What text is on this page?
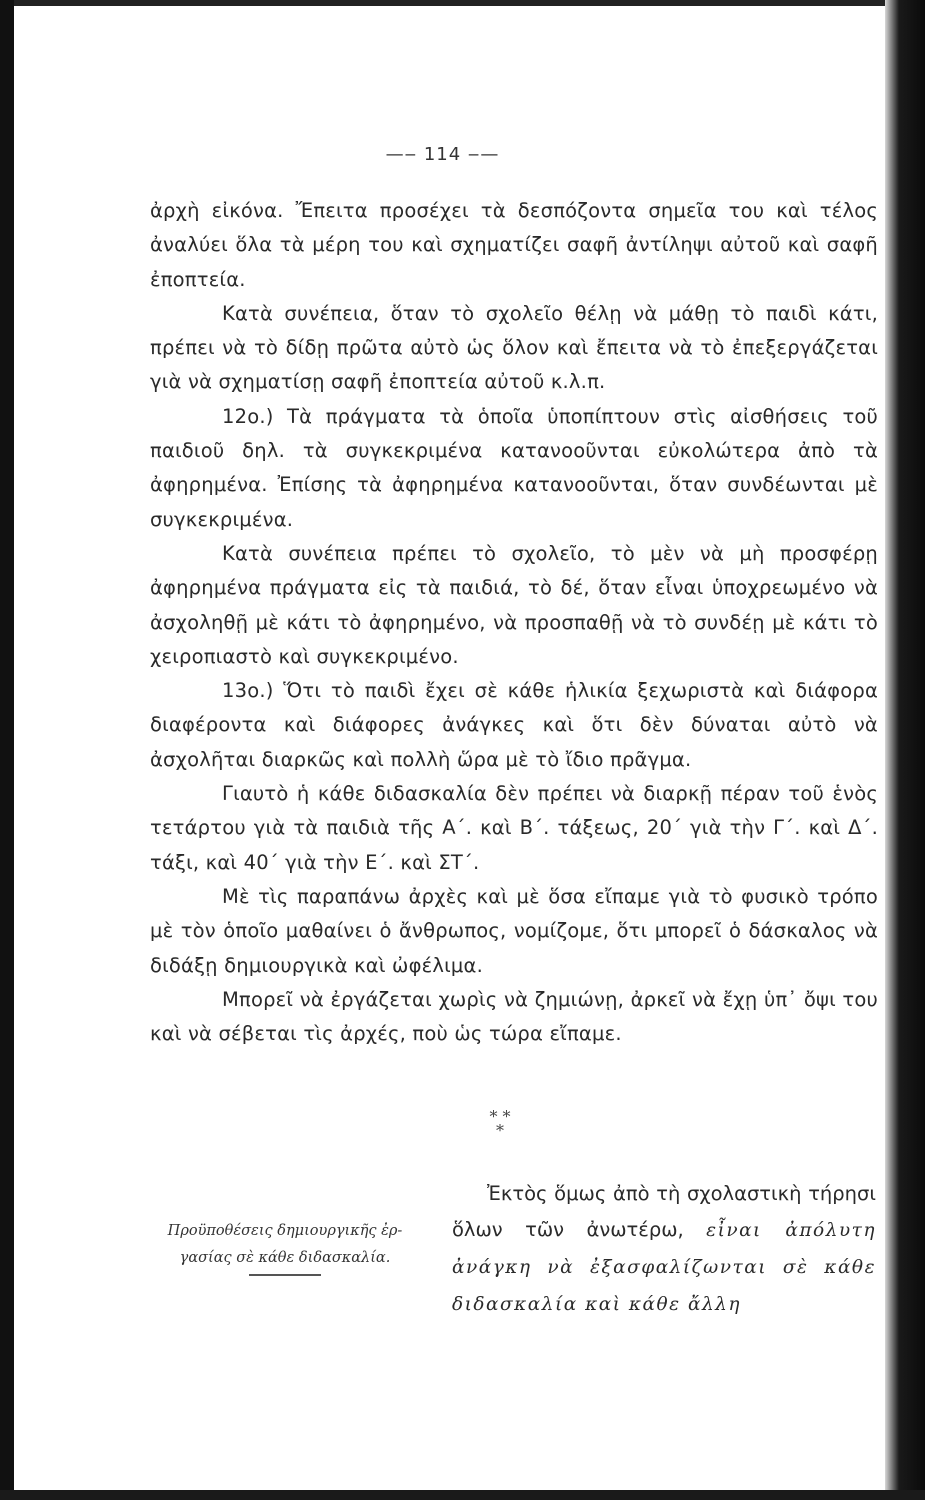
—‒ 114 ‒—

ἀρχὴ εἰκόνα. Ἔπειτα προσέχει τὰ δεσπόζοντα σημεῖα του καὶ τέλος ἀναλύει ὅλα τὰ μέρη του καὶ σχηματίζει σαφῆ ἀντίληψι αὐτοῦ καὶ σαφῆ ἐποπτεία.

Κατὰ συνέπεια, ὅταν τὸ σχολεῖο θέλῃ νὰ μάθῃ τὸ παιδὶ κάτι, πρέπει νὰ τὸ δίδῃ πρῶτα αὐτὸ ὡς ὅλον καὶ ἔπειτα νὰ τὸ ἐπεξεργάζεται γιὰ νὰ σχηματίσῃ σαφῆ ἐποπτεία αὐτοῦ κ.λ.π.

12ο.) Τὰ πράγματα τὰ ὁποῖα ὑποπίπτουν στὶς αἰσθήσεις τοῦ παιδιοῦ δηλ. τὰ συγκεκριμένα κατανοοῦνται εὐκολώτερα ἀπὸ τὰ ἀφηρημένα. Ἐπίσης τὰ ἀφηρημένα κατανοοῦνται, ὅταν συνδέωνται μὲ συγκεκριμένα.

Κατὰ συνέπεια πρέπει τὸ σχολεῖο, τὸ μὲν νὰ μὴ προσφέρῃ ἀφηρημένα πράγματα εἰς τὰ παιδιά, τὸ δέ, ὅταν εἶναι ὑποχρεωμένο νὰ ἀσχοληθῇ μὲ κάτι τὸ ἀφηρημένο, νὰ προσπαθῇ νὰ τὸ συνδέῃ μὲ κάτι τὸ χειροπιαστὸ καὶ συγκεκριμένο.

13ο.) Ὅτι τὸ παιδὶ ἔχει σὲ κάθε ἡλικία ξεχωριστὰ καὶ διάφορα διαφέροντα καὶ διάφορες ἀνάγκες καὶ ὅτι δὲν δύναται αὐτὸ νὰ ἀσχολῆται διαρκῶς καὶ πολλὴ ὥρα μὲ τὸ ἴδιο πρᾶγμα.

Γιαυτὸ ἡ κάθε διδασκαλία δὲν πρέπει νὰ διαρκῇ πέραν τοῦ ἑνὸς τετάρτου γιὰ τὰ παιδιὰ τῆς Α΄. καὶ Β΄. τάξεως, 20΄ γιὰ τὴν Γ΄. καὶ Δ΄. τάξι, καὶ 40΄ γιὰ τὴν Ε΄. καὶ ΣΤ΄.

Μὲ τὶς παραπάνω ἀρχὲς καὶ μὲ ὅσα εἴπαμε γιὰ τὸ φυσικὸ τρόπο μὲ τὸν ὁποῖο μαθαίνει ὁ ἄνθρωπος, νομίζομε, ὅτι μπορεῖ ὁ δάσκαλος νὰ διδάξῃ δημιουργικὰ καὶ ὠφέλιμα.

Μπορεῖ νὰ ἐργάζεται χωρὶς νὰ ζημιώνῃ, ἀρκεῖ νὰ ἔχῃ ὑπ᾽ ὄψι του καὶ νὰ σέβεται τὶς ἀρχές, ποὺ ὡς τώρα εἴπαμε.

* *
*

Ἐκτὸς ὅμως ἀπὸ τὴ σχολαστικὴ τήρησι ὅλων τῶν ἀνωτέρω, εἶναι ἀπόλυτη ἀνάγκη νὰ ἐξασφαλίζωνται σὲ κάθε διδασκαλία καὶ κάθε ἄλλη

Προϋποθέσεις δημιουργικῆς ἐρ-
γασίας σὲ κάθε διδασκαλία.
